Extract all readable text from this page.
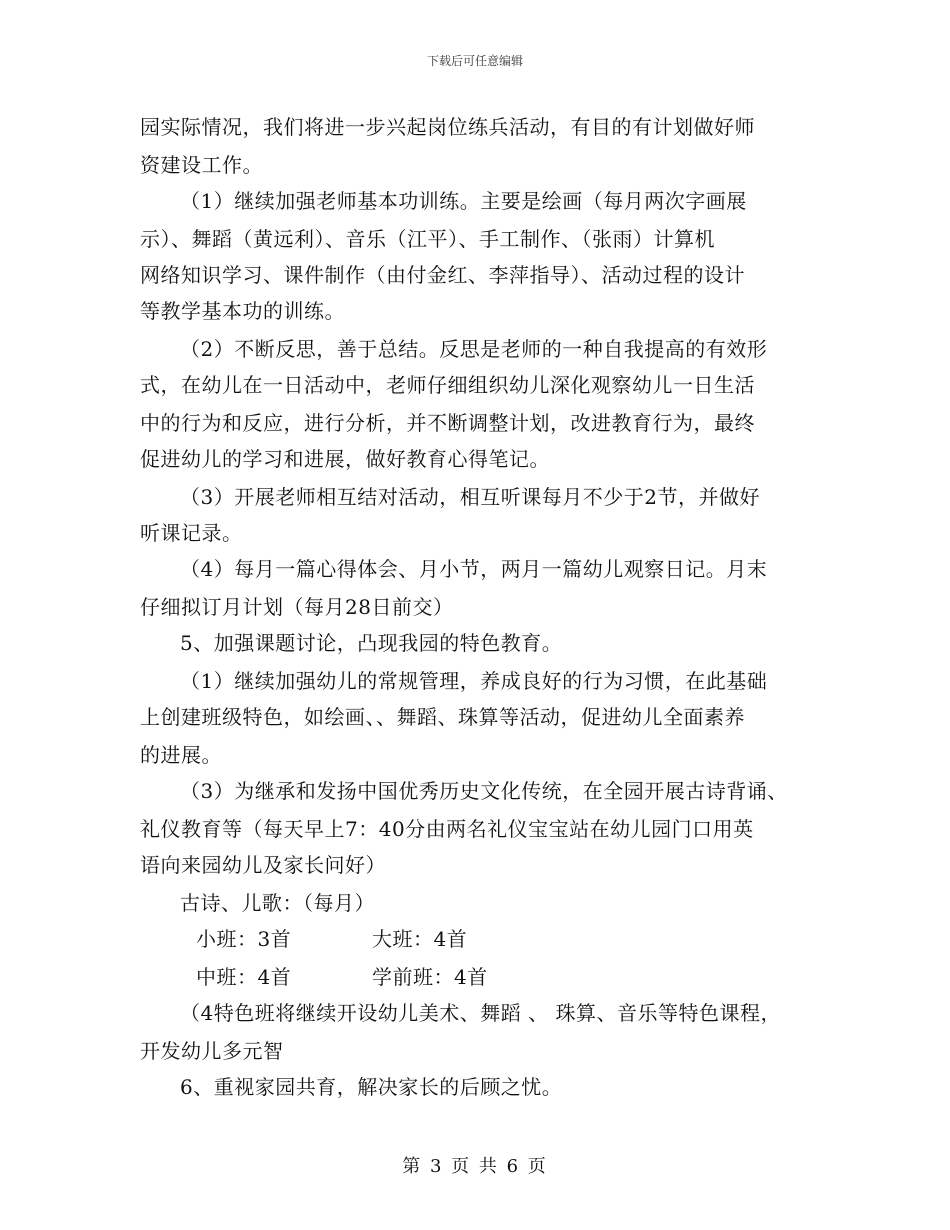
下载后可任意编辑
园实际情况，我们将进一步兴起岗位练兵活动，有目的有计划做好师
资建设工作。
（1）继续加强老师基本功训练。主要是绘画（每月两次字画展
示）、舞蹈（黄远利）、音乐（江平）、手工制作、（张雨）计算机
网络知识学习、课件制作（由付金红、李萍指导）、活动过程的设计
等教学基本功的训练。
（2）不断反思，善于总结。反思是老师的一种自我提高的有效形
式，在幼儿在一日活动中，老师仔细组织幼儿深化观察幼儿一日生活
中的行为和反应，进行分析，并不断调整计划，改进教育行为，最终
促进幼儿的学习和进展，做好教育心得笔记。
（3）开展老师相互结对活动，相互听课每月不少于2节，并做好
听课记录。
（4）每月一篇心得体会、月小节，两月一篇幼儿观察日记。月末
仔细拟订月计划（每月28日前交）
5、加强课题讨论，凸现我园的特色教育。
（1）继续加强幼儿的常规管理，养成良好的行为习惯，在此基础
上创建班级特色，如绘画、、舞蹈、珠算等活动，促进幼儿全面素养
的进展。
（3）为继承和发扬中国优秀历史文化传统，在全园开展古诗背诵、
礼仪教育等（每天早上7：40分由两名礼仪宝宝站在幼儿园门口用英
语向来园幼儿及家长问好）
古诗、儿歌：（每月）
小班：3首	大班：4首
中班：4首	学前班：4首
（4特色班将继续开设幼儿美术、舞蹈 、 珠算、音乐等特色课程，
开发幼儿多元智
6、重视家园共育，解决家长的后顾之忧。
第 3 页 共 6 页
